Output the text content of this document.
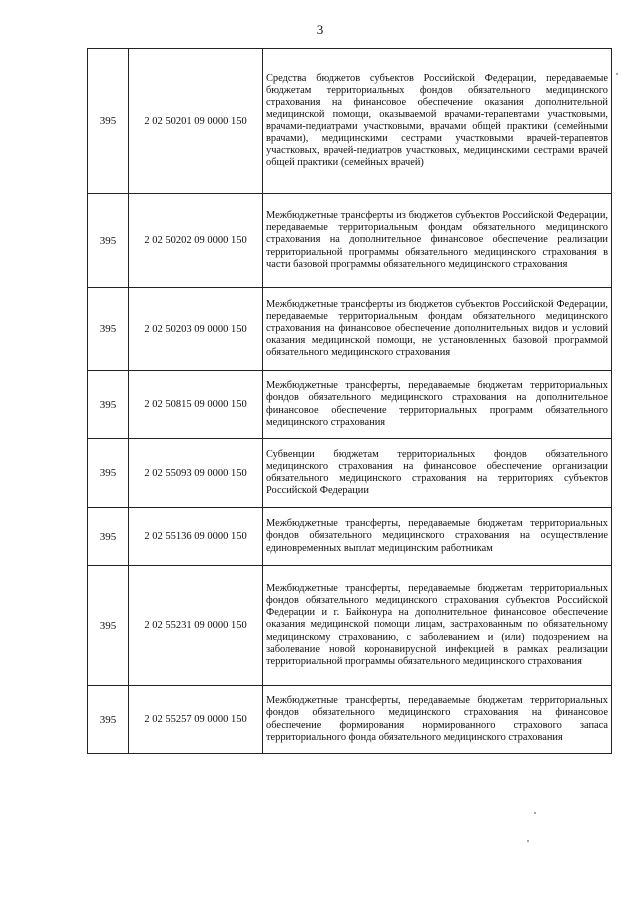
3
395	2 02 50201 09 0000 150	Средства бюджетов субъектов Российской Федерации, передаваемые бюджетам территориальных фондов обязательного медицинского страхования на финансовое обеспечение оказания дополнительной медицинской помощи, оказываемой врачами-терапевтами участковыми, врачами-педиатрами участковыми, врачами общей практики (семейными врачами), медицинскими сестрами участковыми врачей-терапевтов участковых, врачей-педиатров участковых, медицинскими сестрами врачей общей практики (семейных врачей)
395	2 02 50202 09 0000 150	Межбюджетные трансферты из бюджетов субъектов Российской Федерации, передаваемые территориальным фондам обязательного медицинского страхования на дополнительное финансовое обеспечение реализации территориальной программы обязательного медицинского страхования в части базовой программы обязательного медицинского страхования
395	2 02 50203 09 0000 150	Межбюджетные трансферты из бюджетов субъектов Российской Федерации, передаваемые территориальным фондам обязательного медицинского страхования на финансовое обеспечение дополнительных видов и условий оказания медицинской помощи, не установленных базовой программой обязательного медицинского страхования
395	2 02 50815 09 0000 150	Межбюджетные трансферты, передаваемые бюджетам территориальных фондов обязательного медицинского страхования на дополнительное финансовое обеспечение территориальных программ обязательного медицинского страхования
395	2 02 55093 09 0000 150	Субвенции бюджетам территориальных фондов обязательного медицинского страхования на финансовое обеспечение организации обязательного медицинского страхования на территориях субъектов Российской Федерации
395	2 02 55136 09 0000 150	Межбюджетные трансферты, передаваемые бюджетам территориальных фондов обязательного медицинского страхования на осуществление единовременных выплат медицинским работникам
395	2 02 55231 09 0000 150	Межбюджетные трансферты, передаваемые бюджетам территориальных фондов обязательного медицинского страхования субъектов Российской Федерации и г. Байконура на дополнительное финансовое обеспечение оказания медицинской помощи лицам, застрахованным по обязательному медицинскому страхованию, с заболеванием и (или) подозрением на заболевание новой коронавирусной инфекцией в рамках реализации территориальной программы обязательного медицинского страхования
395	2 02 55257 09 0000 150	Межбюджетные трансферты, передаваемые бюджетам территориальных фондов обязательного медицинского страхования на финансовое обеспечение формирования нормированного страхового запаса территориального фонда обязательного медицинского страхования
